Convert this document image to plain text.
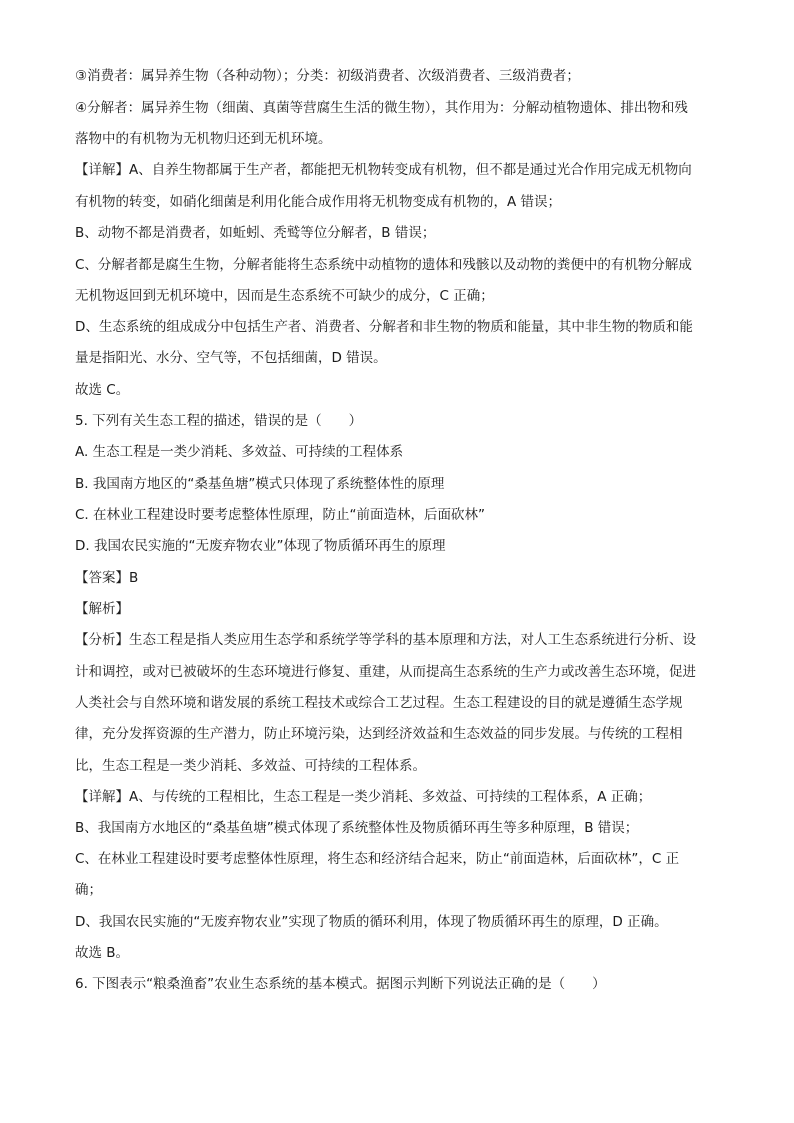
③消费者：属异养生物（各种动物）；分类：初级消费者、次级消费者、三级消费者；
④分解者：属异养生物（细菌、真菌等营腐生生活的微生物），其作用为：分解动植物遗体、排出物和残
落物中的有机物为无机物归还到无机环境。
【详解】A、自养生物都属于生产者，都能把无机物转变成有机物，但不都是通过光合作用完成无机物向
有机物的转变，如硝化细菌是利用化能合成作用将无机物变成有机物的，A 错误；
B、动物不都是消费者，如蚯蚓、秃鹫等位分解者，B 错误；
C、分解者都是腐生生物，分解者能将生态系统中动植物的遗体和残骸以及动物的粪便中的有机物分解成
无机物返回到无机环境中，因而是生态系统不可缺少的成分，C 正确；
D、生态系统的组成成分中包括生产者、消费者、分解者和非生物的物质和能量，其中非生物的物质和能
量是指阳光、水分、空气等，不包括细菌，D 错误。
故选 C。
5. 下列有关生态工程的描述，错误的是（　　）
A. 生态工程是一类少消耗、多效益、可持续的工程体系
B. 我国南方地区的“桑基鱼塘”模式只体现了系统整体性的原理
C. 在林业工程建设时要考虑整体性原理，防止“前面造林，后面砍林”
D. 我国农民实施的“无废弃物农业”体现了物质循环再生的原理
【答案】B
【解析】
【分析】生态工程是指人类应用生态学和系统学等学科的基本原理和方法，对人工生态系统进行分析、设
计和调控，或对已被破坏的生态环境进行修复、重建，从而提高生态系统的生产力或改善生态环境，促进
人类社会与自然环境和谐发展的系统工程技术或综合工艺过程。生态工程建设的目的就是遵循生态学规
律，充分发挥资源的生产潜力，防止环境污染，达到经济效益和生态效益的同步发展。与传统的工程相
比，生态工程是一类少消耗、多效益、可持续的工程体系。
【详解】A、与传统的工程相比，生态工程是一类少消耗、多效益、可持续的工程体系，A 正确；
B、我国南方水地区的“桑基鱼塘”模式体现了系统整体性及物质循环再生等多种原理，B 错误；
C、在林业工程建设时要考虑整体性原理，将生态和经济结合起来，防止“前面造林，后面砍林”，C 正
确；
D、我国农民实施的“无废弃物农业”实现了物质的循环利用，体现了物质循环再生的原理，D 正确。
故选 B。
6. 下图表示“粮桑渔畜”农业生态系统的基本模式。据图示判断下列说法正确的是（　　）
